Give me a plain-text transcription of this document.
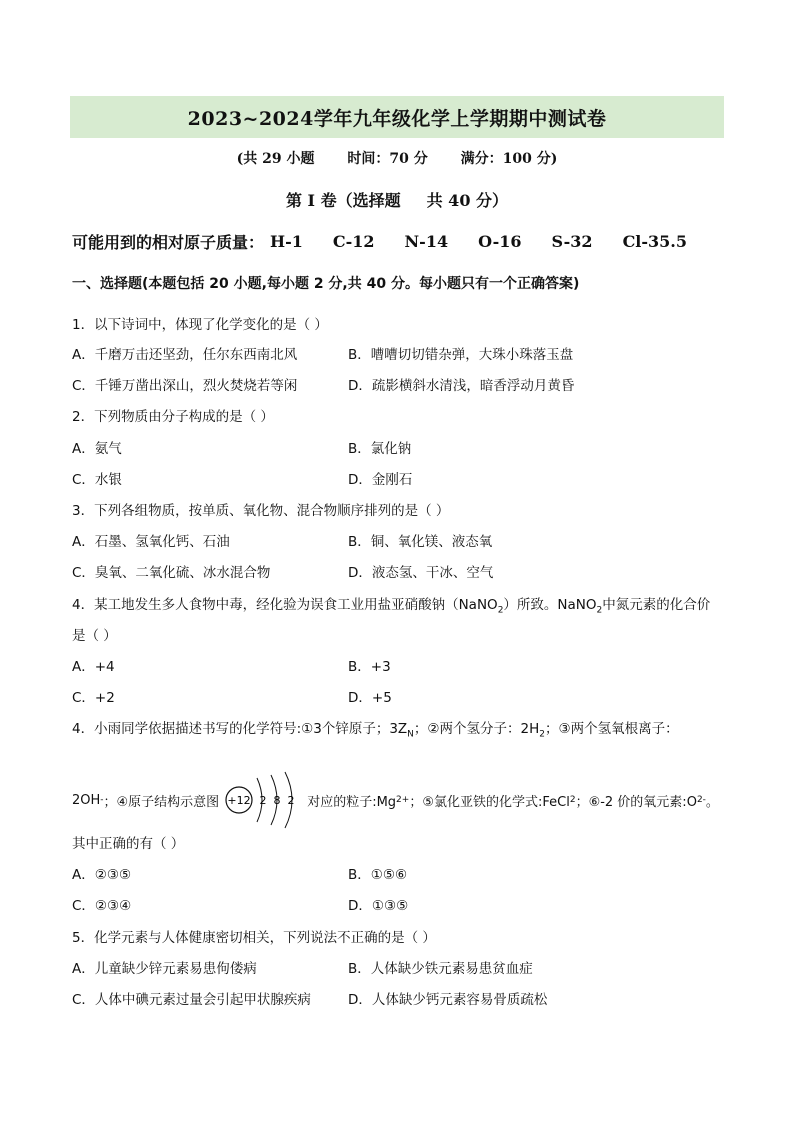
2023~2024学年九年级化学上学期期中测试卷
(共 29 小题 时间：70 分 满分：100 分)
第 I 卷（选择题 共 40 分）
可能用到的相对原子质量： H-1 C-12 N-14 O-16 S-32 Cl-35.5
一、选择题(本题包括 20 小题,每小题 2 分,共 40 分。每小题只有一个正确答案)
1．以下诗词中，体现了化学变化的是（ ）
A．千磨万击还坚劲，任尔东西南北风	B．嘈嘈切切错杂弹，大珠小珠落玉盘
C．千锤万凿出深山，烈火焚烧若等闲	D．疏影横斜水清浅，暗香浮动月黄昏
2．下列物质由分子构成的是（ ）
A．氨气	B．氯化钠
C．水银	D．金刚石
3．下列各组物质，按单质、氧化物、混合物顺序排列的是（ ）
A．石墨、氢氧化钙、石油	B．铜、氧化镁、液态氧
C．臭氧、二氧化硫、冰水混合物	D．液态氢、干冰、空气
4．某工地发生多人食物中毒，经化验为误食工业用盐亚硝酸钠（NaNO$_2$）所致。NaNO$_2$中氮元素的化合价
是（ ）
A．+4	B．+3
C．+2	D．+5
4．小雨同学依据描述书写的化学符号:①3个锌原子；$3Z_N$；②两个氢分子：$2H_2$；③两个氢氧根离子：
2OH - ；④原子结构示意图 +12 2 8 2 对应的粒子:Mg 2+ ；⑤氯化亚铁的化学式:FeCl 2 ；⑥-2 价的氧元素:O 2- 。
其中正确的有（ ）
A．②③⑤	B．①⑤⑥
C．②③④	D．①③⑤
5．化学元素与人体健康密切相关，下列说法不正确的是（ ）
A．儿童缺少锌元素易患佝偻病	B．人体缺少铁元素易患贫血症
C．人体中碘元素过量会引起甲状腺疾病	D．人体缺少钙元素容易骨质疏松
